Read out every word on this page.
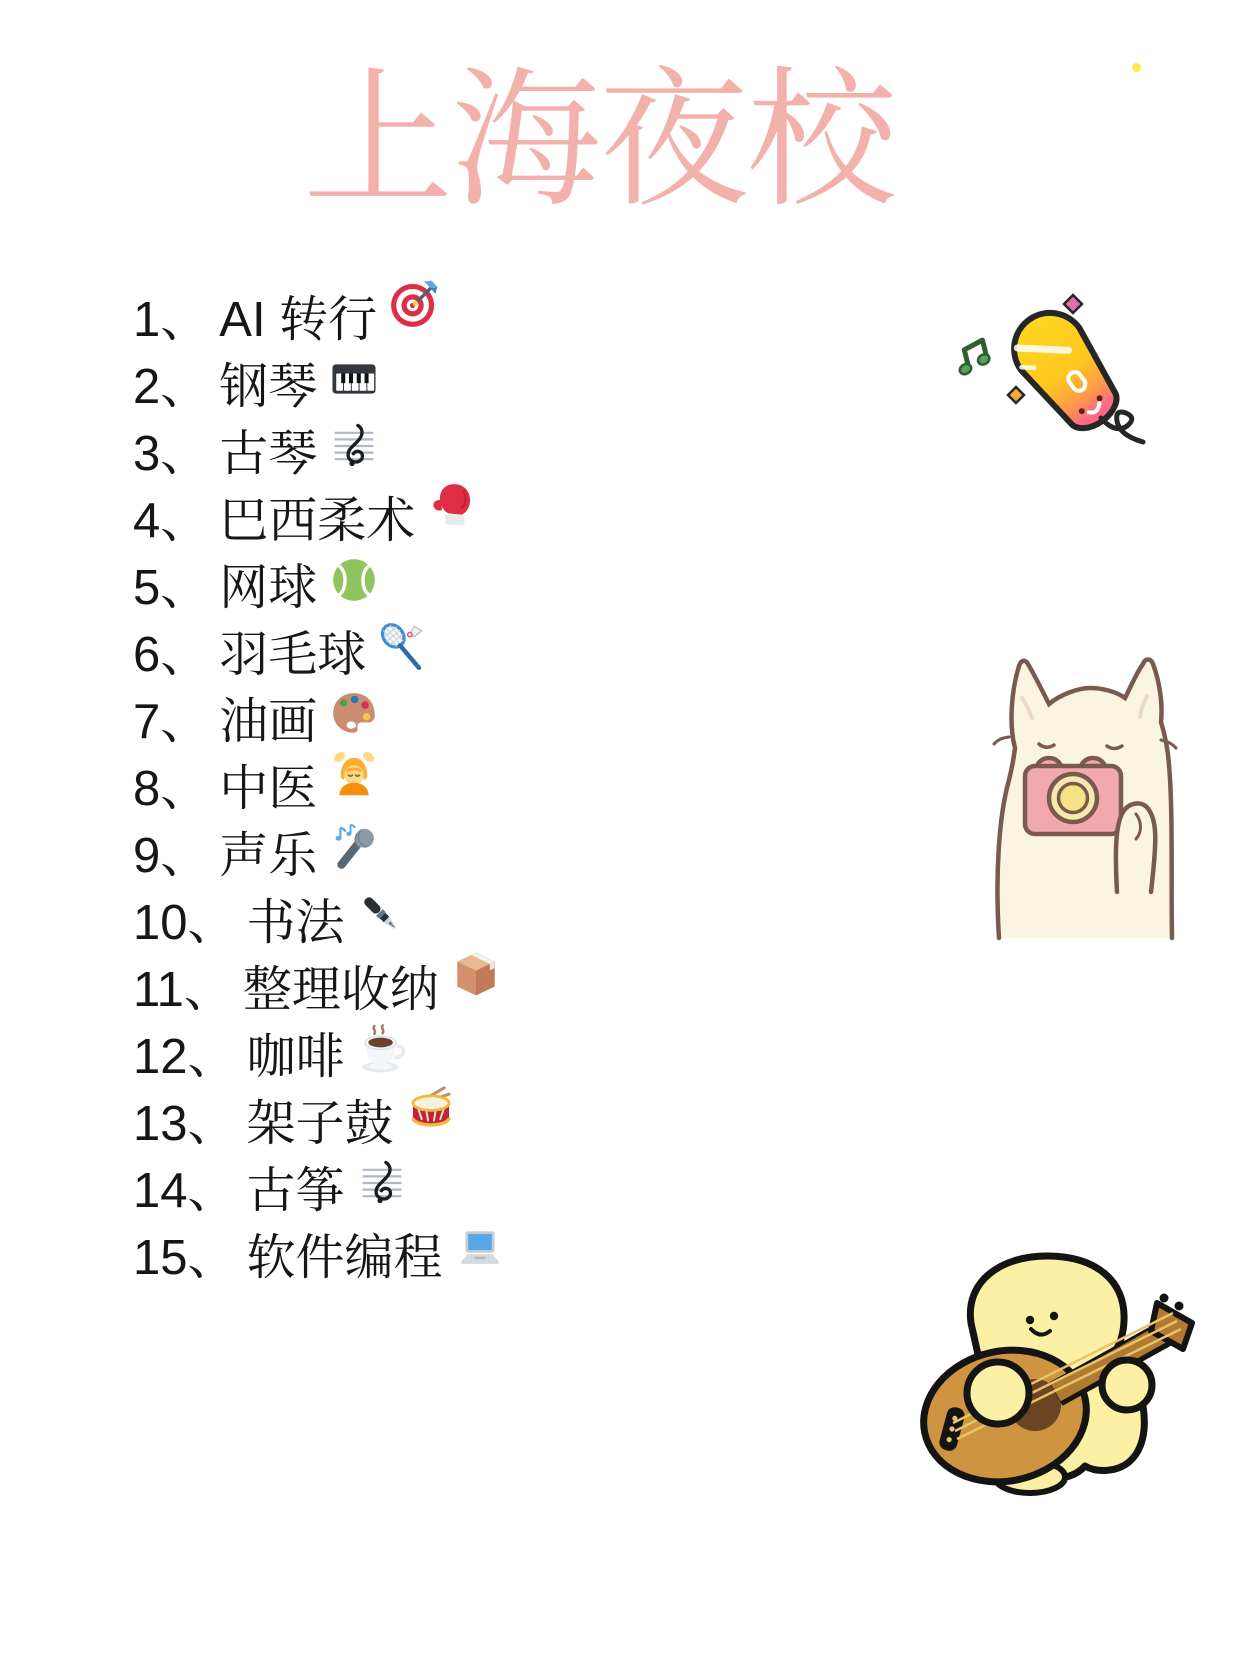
上海夜校
1、 AI 转行
2、 钢琴
3、 古琴
4、 巴西柔术
5、 网球
6、 羽毛球
7、 油画
8、 中医
9、 声乐
10、 书法
11、 整理收纳
12、 咖啡
13、 架子鼓
14、 古筝
15、 软件编程
